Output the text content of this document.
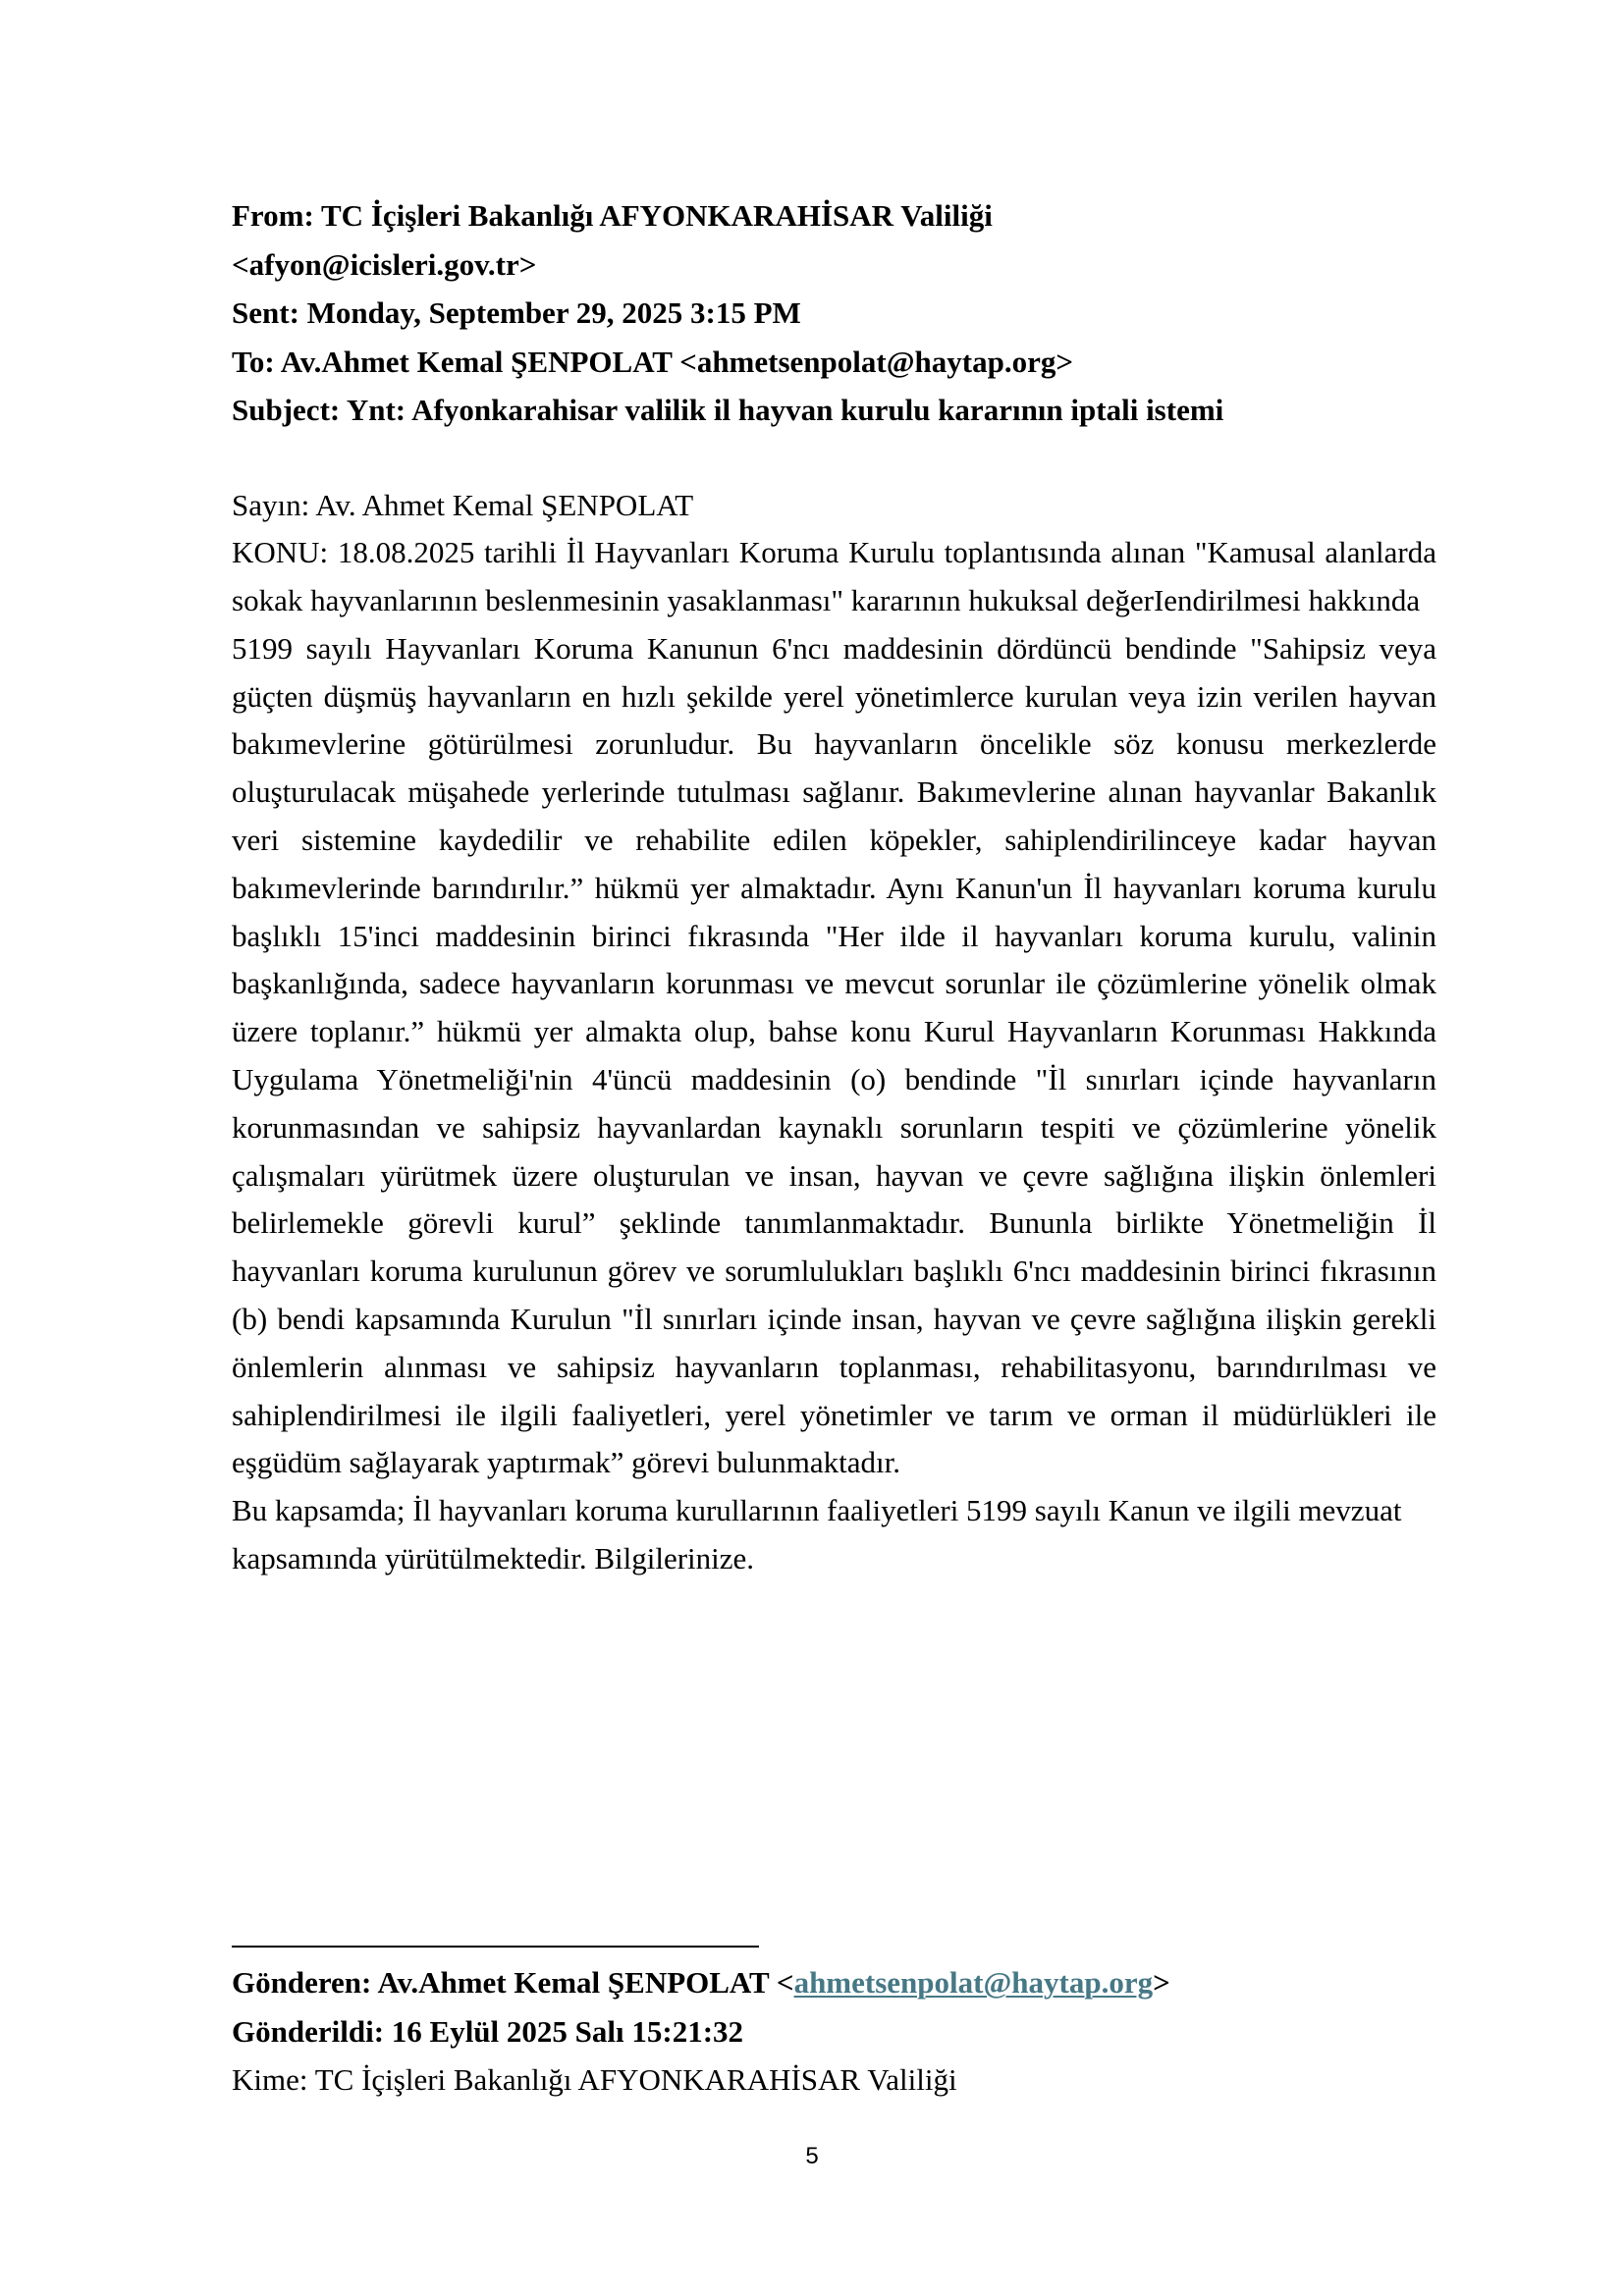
From: TC İçişleri Bakanlığı AFYONKARAHİSAR Valiliği
<afyon@icisleri.gov.tr>
Sent: Monday, September 29, 2025 3:15 PM
To: Av.Ahmet Kemal ŞENPOLAT <ahmetsenpolat@haytap.org>
Subject: Ynt: Afyonkarahisar valilik il hayvan kurulu kararının iptali istemi

Sayın: Av. Ahmet Kemal ŞENPOLAT

KONU: 18.08.2025 tarihli İl Hayvanları Koruma Kurulu toplantısında alınan "Kamusal alanlarda sokak hayvanlarının beslenmesinin yasaklanması" kararının hukuksal değerIendirilmesi hakkında

5199 sayılı Hayvanları Koruma Kanunun 6'ncı maddesinin dördüncü bendinde "Sahipsiz veya güçten düşmüş hayvanların en hızlı şekilde yerel yönetimlerce kurulan veya izin verilen hayvan bakımevlerine götürülmesi zorunludur. Bu hayvanların öncelikle söz konusu merkezlerde oluşturulacak müşahede yerlerinde tutulması sağlanır. Bakımevlerine alınan hayvanlar Bakanlık veri sistemine kaydedilir ve rehabilite edilen köpekler, sahiplendirilinceye kadar hayvan bakımevlerinde barındırılır.” hükmü yer almaktadır. Aynı Kanun'un İl hayvanları koruma kurulu başlıklı 15'inci maddesinin birinci fıkrasında "Her ilde il hayvanları koruma kurulu, valinin başkanlığında, sadece hayvanların korunması ve mevcut sorunlar ile çözümlerine yönelik olmak üzere toplanır.” hükmü yer almakta olup, bahse konu Kurul Hayvanların Korunması Hakkında Uygulama Yönetmeliği'nin 4'üncü maddesinin (o) bendinde "İl sınırları içinde hayvanların korunmasından ve sahipsiz hayvanlardan kaynaklı sorunların tespiti ve çözümlerine yönelik çalışmaları yürütmek üzere oluşturulan ve insan, hayvan ve çevre sağlığına ilişkin önlemleri belirlemekle görevli kurul” şeklinde tanımlanmaktadır. Bununla birlikte Yönetmeliğin İl hayvanları koruma kurulunun görev ve sorumlulukları başlıklı 6'ncı maddesinin birinci fıkrasının (b) bendi kapsamında Kurulun "İl sınırları içinde insan, hayvan ve çevre sağlığına ilişkin gerekli önlemlerin alınması ve sahipsiz hayvanların toplanması, rehabilitasyonu, barındırılması ve sahiplendirilmesi ile ilgili faaliyetleri, yerel yönetimler ve tarım ve orman il müdürlükleri ile eşgüdüm sağlayarak yaptırmak” görevi bulunmaktadır.

Bu kapsamda; İl hayvanları koruma kurullarının faaliyetleri 5199 sayılı Kanun ve ilgili mevzuat kapsamında yürütülmektedir. Bilgilerinize.

Gönderen: Av.Ahmet Kemal ŞENPOLAT <ahmetsenpolat@haytap.org>
Gönderildi: 16 Eylül 2025 Salı 15:21:32
Kime: TC İçişleri Bakanlığı AFYONKARAHİSAR Valiliği
5
